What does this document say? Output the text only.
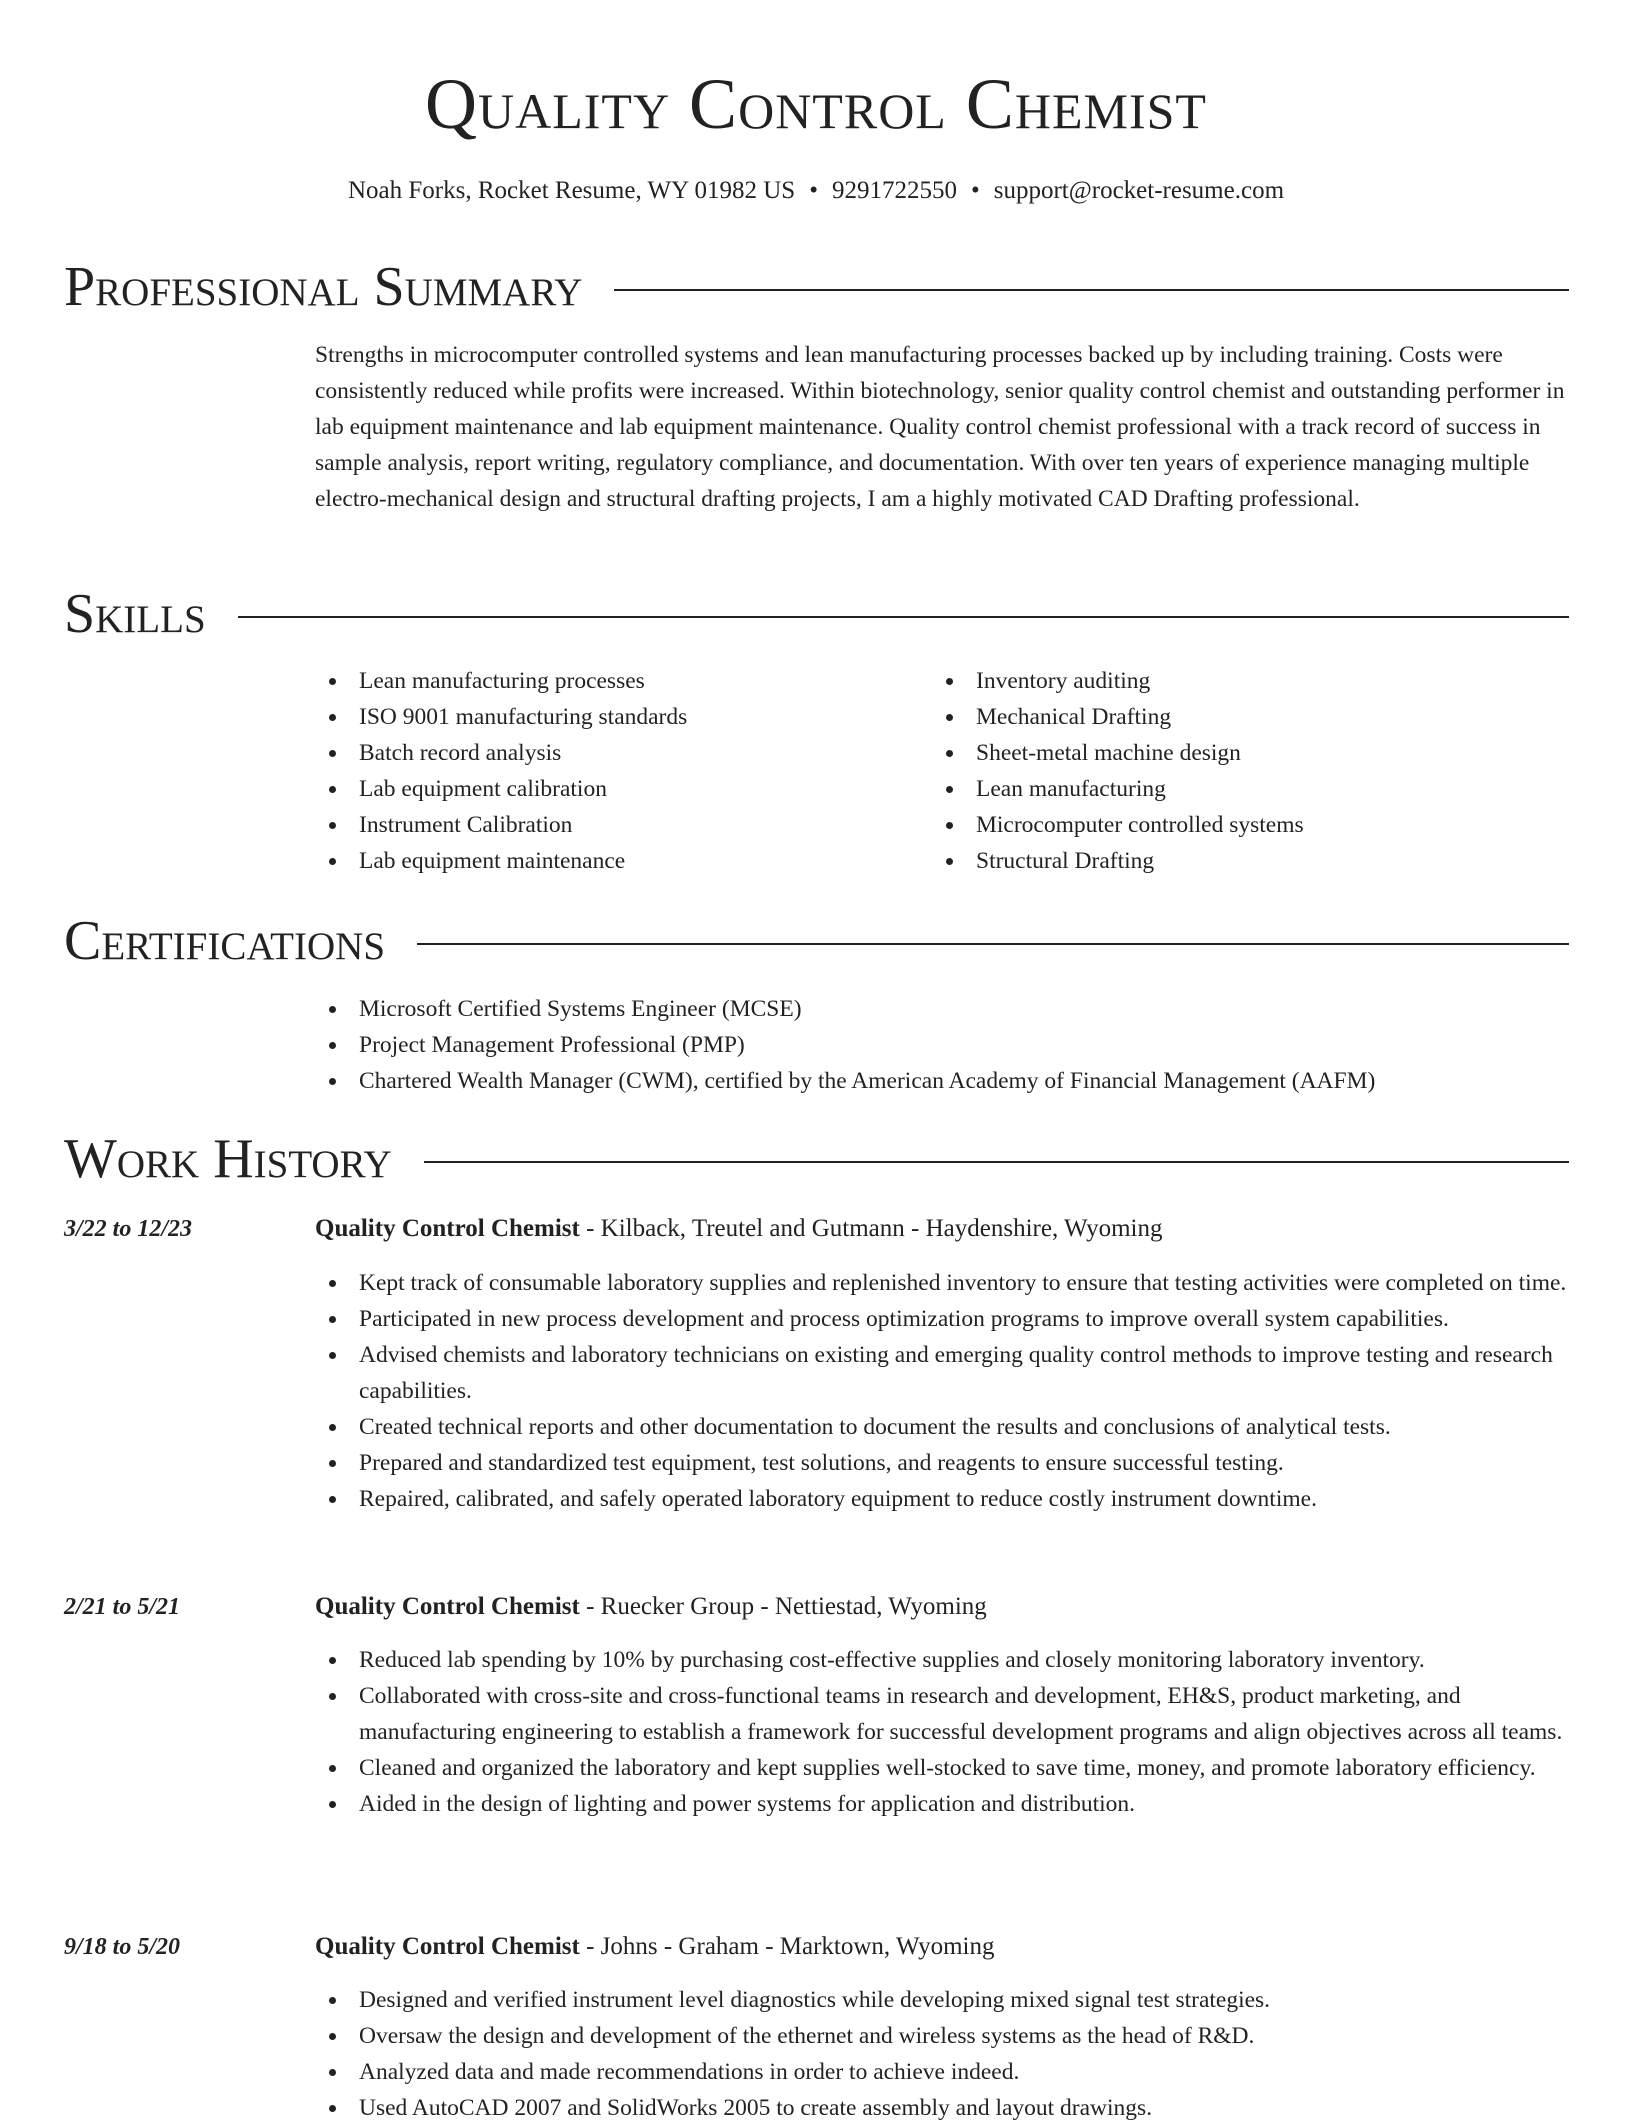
Quality Control Chemist
Noah Forks, Rocket Resume, WY 01982 US • 9291722550 • support@rocket-resume.com
Professional Summary
Strengths in microcomputer controlled systems and lean manufacturing processes backed up by including training. Costs were consistently reduced while profits were increased. Within biotechnology, senior quality control chemist and outstanding performer in lab equipment maintenance and lab equipment maintenance. Quality control chemist professional with a track record of success in sample analysis, report writing, regulatory compliance, and documentation. With over ten years of experience managing multiple electro-mechanical design and structural drafting projects, I am a highly motivated CAD Drafting professional.
Skills
Lean manufacturing processes
ISO 9001 manufacturing standards
Batch record analysis
Lab equipment calibration
Instrument Calibration
Lab equipment maintenance
Inventory auditing
Mechanical Drafting
Sheet-metal machine design
Lean manufacturing
Microcomputer controlled systems
Structural Drafting
Certifications
Microsoft Certified Systems Engineer (MCSE)
Project Management Professional (PMP)
Chartered Wealth Manager (CWM), certified by the American Academy of Financial Management (AAFM)
Work History
3/22 to 12/23	Quality Control Chemist - Kilback, Treutel and Gutmann - Haydenshire, Wyoming
Kept track of consumable laboratory supplies and replenished inventory to ensure that testing activities were completed on time.
Participated in new process development and process optimization programs to improve overall system capabilities.
Advised chemists and laboratory technicians on existing and emerging quality control methods to improve testing and research capabilities.
Created technical reports and other documentation to document the results and conclusions of analytical tests.
Prepared and standardized test equipment, test solutions, and reagents to ensure successful testing.
Repaired, calibrated, and safely operated laboratory equipment to reduce costly instrument downtime.
2/21 to 5/21	Quality Control Chemist - Ruecker Group - Nettiestad, Wyoming
Reduced lab spending by 10% by purchasing cost-effective supplies and closely monitoring laboratory inventory.
Collaborated with cross-site and cross-functional teams in research and development, EH&S, product marketing, and manufacturing engineering to establish a framework for successful development programs and align objectives across all teams.
Cleaned and organized the laboratory and kept supplies well-stocked to save time, money, and promote laboratory efficiency.
Aided in the design of lighting and power systems for application and distribution.
9/18 to 5/20	Quality Control Chemist - Johns - Graham - Marktown, Wyoming
Designed and verified instrument level diagnostics while developing mixed signal test strategies.
Oversaw the design and development of the ethernet and wireless systems as the head of R&D.
Analyzed data and made recommendations in order to achieve indeed.
Used AutoCAD 2007 and SolidWorks 2005 to create assembly and layout drawings.
